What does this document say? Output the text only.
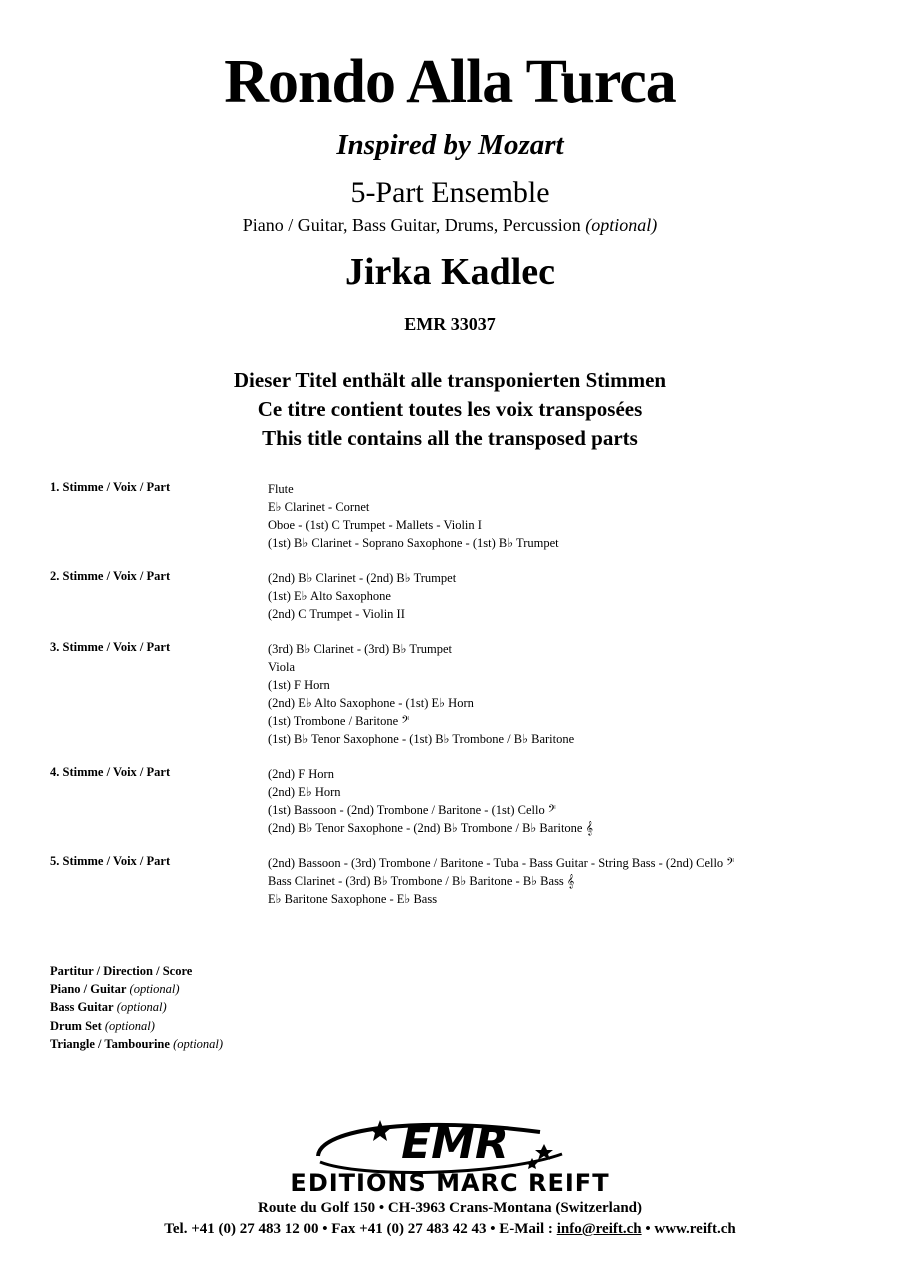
Rondo Alla Turca
Inspired by Mozart
5-Part Ensemble
Piano / Guitar, Bass Guitar, Drums, Percussion (optional)
Jirka Kadlec
EMR 33037
Dieser Titel enthält alle transponierten Stimmen
Ce titre contient toutes les voix transposées
This title contains all the transposed parts
1. Stimme / Voix / Part	Flute
E♭ Clarinet - Cornet
Oboe - (1st) C Trumpet - Mallets - Violin I
(1st) B♭ Clarinet - Soprano Saxophone - (1st) B♭ Trumpet
2. Stimme / Voix / Part	(2nd) B♭ Clarinet - (2nd) B♭ Trumpet
(1st) E♭ Alto Saxophone
(2nd) C Trumpet - Violin II
3. Stimme / Voix / Part	(3rd) B♭ Clarinet - (3rd) B♭ Trumpet
Viola
(1st) F Horn
(2nd) E♭ Alto Saxophone - (1st) E♭ Horn
(1st) Trombone / Baritone 𝄢
(1st) B♭ Tenor Saxophone - (1st) B♭ Trombone / B♭ Baritone
4. Stimme / Voix / Part	(2nd) F Horn
(2nd) E♭ Horn
(1st) Bassoon - (2nd) Trombone / Baritone - (1st) Cello 𝄢
(2nd) B♭ Tenor Saxophone - (2nd) B♭ Trombone / B♭ Baritone 𝄞
5. Stimme / Voix / Part	(2nd) Bassoon - (3rd) Trombone / Baritone - Tuba - Bass Guitar - String Bass - (2nd) Cello 𝄢
Bass Clarinet - (3rd) B♭ Trombone / B♭ Baritone - B♭ Bass 𝄞
E♭ Baritone Saxophone - E♭ Bass
Partitur / Direction / Score
Piano / Guitar (optional)
Bass Guitar (optional)
Drum Set (optional)
Triangle / Tambourine (optional)
EMR
EDITIONS MARC REIFT
Route du Golf 150 • CH-3963 Crans-Montana (Switzerland)
Tel. +41 (0) 27 483 12 00 • Fax +41 (0) 27 483 42 43 • E-Mail : info@reift.ch • www.reift.ch
